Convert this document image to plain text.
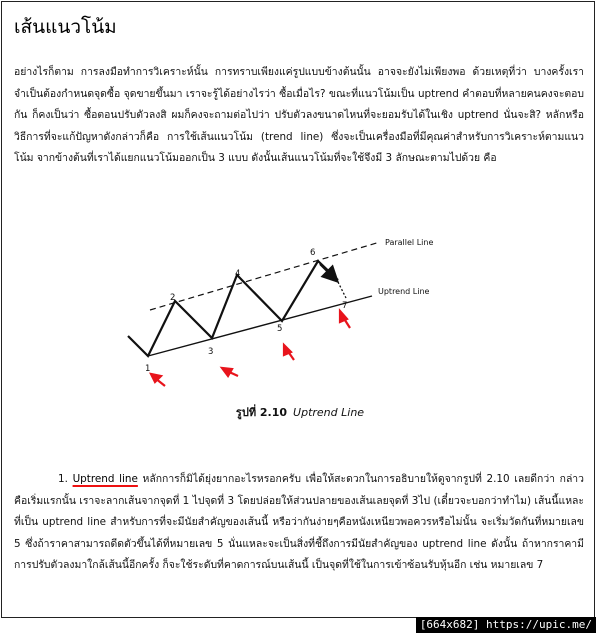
เส้นแนวโน้ม

อย่างไรก็ตาม การลงมือทำการวิเคราะห์นั้น การทราบเพียงแค่รูปแบบข้างต้นนั้น อาจจะยังไม่เพียงพอ ด้วยเหตุที่ว่า บางครั้งเราจำเป็นต้องกำหนดจุดซื้อ จุดขายขึ้นมา เราจะรู้ได้อย่างไรว่า ซื้อเมื่อไร? ขณะที่แนวโน้มเป็น uptrend คำตอบที่หลายคนคงจะตอบกัน ก็คงเป็นว่า ซื้อตอนปรับตัวลงสิ ผมก็คงจะถามต่อไปว่า ปรับตัวลงขนาดไหนที่จะยอมรับได้ในเชิง uptrend นั่นจะสิ? หลักหรือวิธีการที่จะแก้ปัญหาดังกล่าวก็คือ การใช้เส้นแนวโน้ม (trend line) ซึ่งจะเป็นเครื่องมือที่มีคุณค่าสำหรับการวิเคราะห์ตามแนวโน้ม จากข้างต้นที่เราได้แยกแนวโน้มออกเป็น 3 แบบ ดังนั้นเส้นแนวโน้มที่จะใช้จึงมี 3 ลักษณะตามไปด้วย คือ

Parallel Line
Uptrend Line
1
2
3
4
5
6
7
รูปที่ 2.10 Uptrend Line

1. Uptrend line หลักการก็มิได้ยุ่งยากอะไรหรอกครับ เพื่อให้สะดวกในการอธิบายให้ดูจากรูปที่ 2.10 เลยดีกว่า กล่าวคือเริ่มแรกนั้น เราจะลากเส้นจากจุดที่ 1 ไปจุดที่ 3 โดยปล่อยให้ส่วนปลายของเส้นเลยจุดที่ 3ไป (เดี๋ยวจะบอกว่าทำไม) เส้นนี้แหละที่เป็น uptrend line สำหรับการที่จะมีนัยสำคัญของเส้นนี้ หรือว่ากันง่ายๆคือหนังเหนียวพอควรหรือไม่นั้น จะเริ่มวัดกันที่หมายเลข 5 ซึ่งถ้าราคาสามารถดีดตัวขึ้นได้ที่หมายเลข 5 นั่นแหละจะเป็นสิ่งที่ชี้ถึงการมีนัยสำคัญของ uptrend line ดังนั้น ถ้าหากราคามีการปรับตัวลงมาใกล้เส้นนี้อีกครั้ง ก็จะใช้ระดับที่คาดการณ์บนเส้นนี้ เป็นจุดที่ใช้ในการเข้าซ้อนรับหุ้นอีก เช่น หมายเลข 7

[664x682] https://upic.me/
